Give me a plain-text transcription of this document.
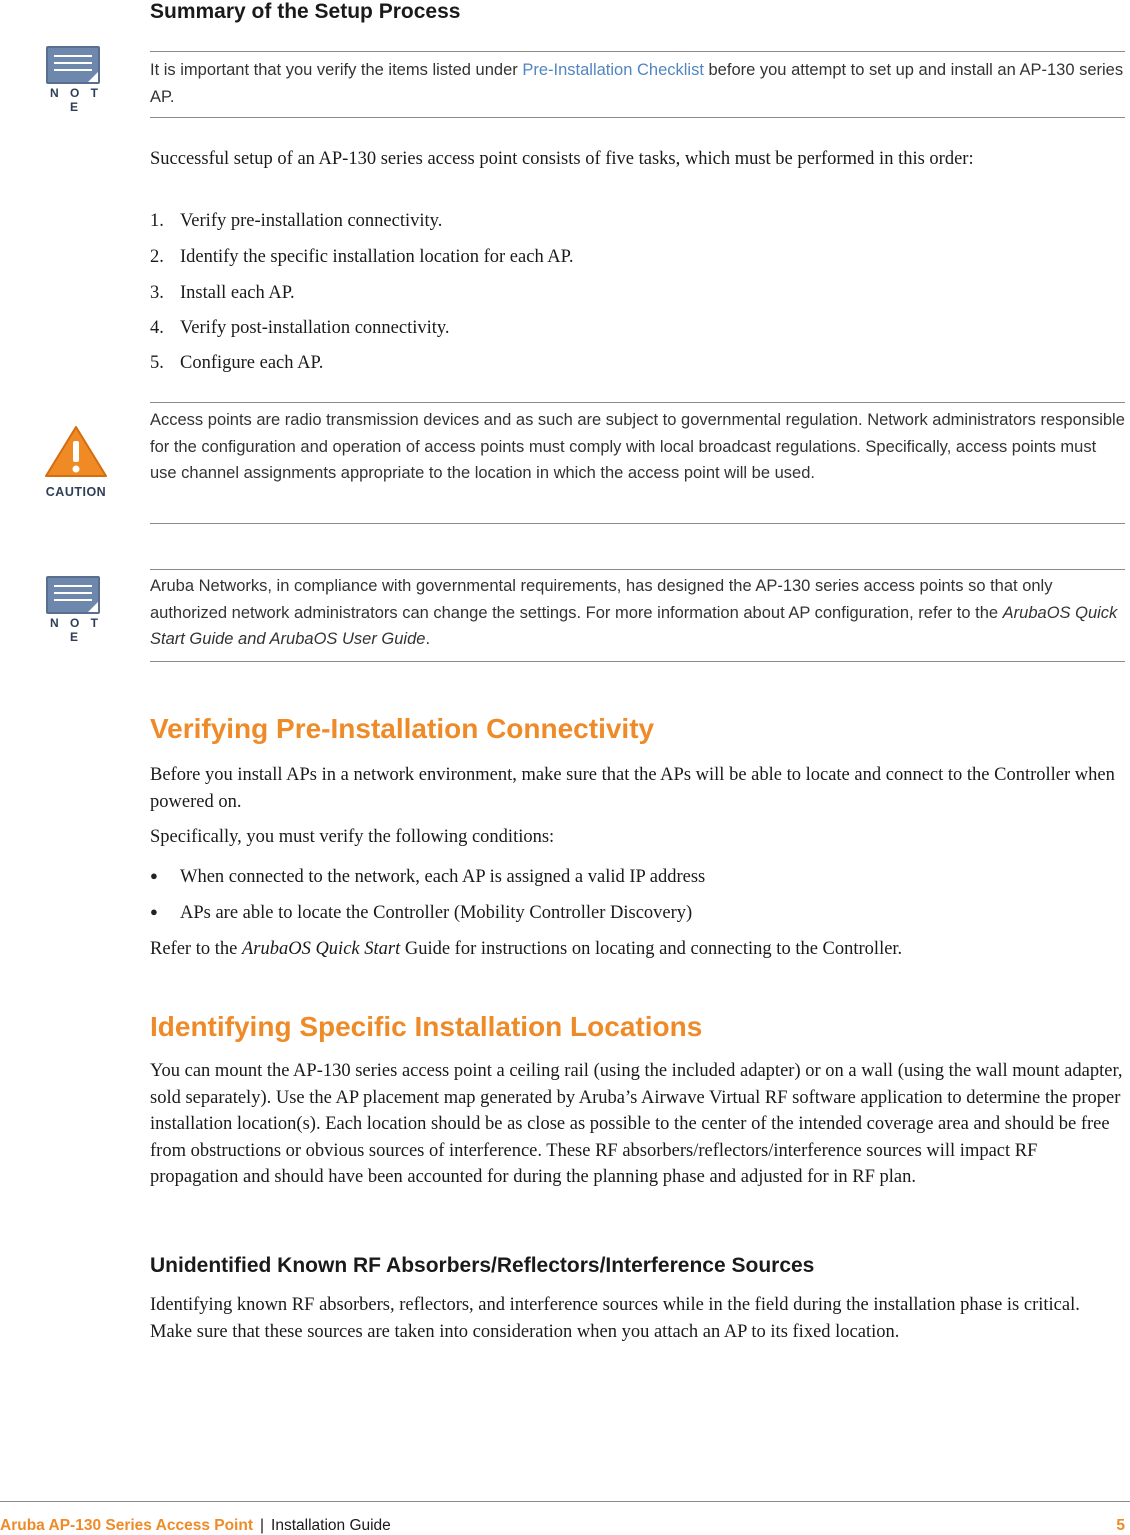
Summary of the Setup Process
N O T E

It is important that you verify the items listed under Pre-Installation Checklist before you attempt to set up and install an AP-130 series AP.

Successful setup of an AP-130 series access point consists of five tasks, which must be performed in this order:
1. Verify pre-installation connectivity.
2. Identify the specific installation location for each AP.
3. Install each AP.
4. Verify post-installation connectivity.
5. Configure each AP.
CAUTION

Access points are radio transmission devices and as such are subject to governmental regulation. Network administrators responsible for the configuration and operation of access points must comply with local broadcast regulations. Specifically, access points must use channel assignments appropriate to the location in which the access point will be used.

N O T E

Aruba Networks, in compliance with governmental requirements, has designed the AP-130 series access points so that only authorized network administrators can change the settings. For more information about AP configuration, refer to the ArubaOS Quick Start Guide and ArubaOS User Guide.

Verifying Pre-Installation Connectivity
Before you install APs in a network environment, make sure that the APs will be able to locate and connect to the Controller when powered on.
Specifically, you must verify the following conditions:
● When connected to the network, each AP is assigned a valid IP address
● APs are able to locate the Controller (Mobility Controller Discovery)
Refer to the ArubaOS Quick Start Guide for instructions on locating and connecting to the Controller.
Identifying Specific Installation Locations
You can mount the AP-130 series access point a ceiling rail (using the included adapter) or on a wall (using the wall mount adapter, sold separately). Use the AP placement map generated by Aruba’s Airwave Virtual RF software application to determine the proper installation location(s). Each location should be as close as possible to the center of the intended coverage area and should be free from obstructions or obvious sources of interference. These RF absorbers/reflectors/interference sources will impact RF propagation and should have been accounted for during the planning phase and adjusted for in RF plan.
Unidentified Known RF Absorbers/Reflectors/Interference Sources
Identifying known RF absorbers, reflectors, and interference sources while in the field during the installation phase is critical. Make sure that these sources are taken into consideration when you attach an AP to its fixed location.
Aruba AP-130 Series Access Point | Installation Guide	5
